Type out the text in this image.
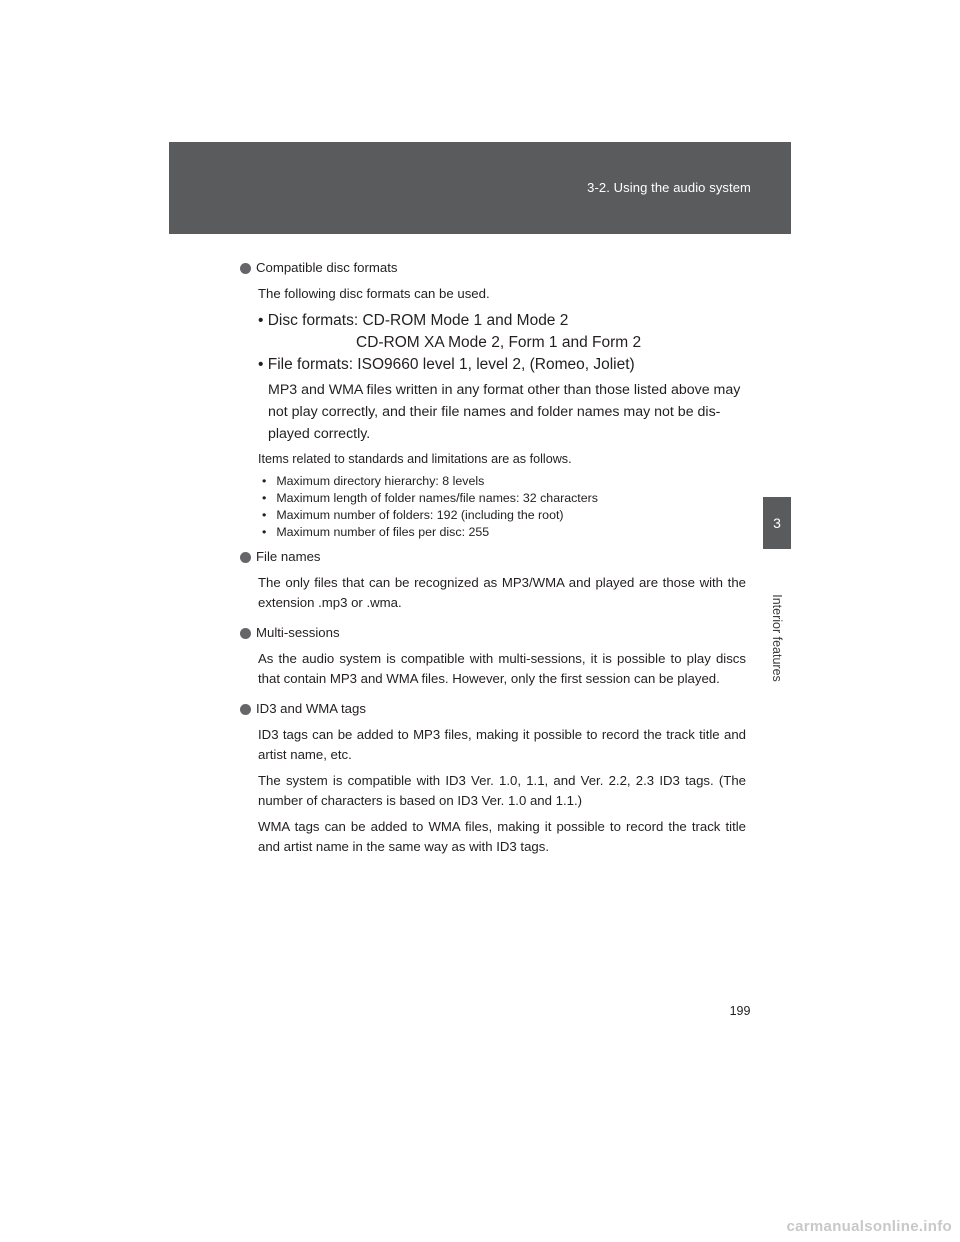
3-2. Using the audio system
3
Interior features
Compatible disc formats
The following disc formats can be used.
• Disc formats: CD-ROM Mode 1 and Mode 2
CD-ROM XA Mode 2, Form 1 and Form 2
• File formats: ISO9660 level 1, level 2, (Romeo, Joliet)
MP3 and WMA files written in any format other than those listed above may not play correctly, and their file names and folder names may not be dis-played correctly.
Items related to standards and limitations are as follows.
• Maximum directory hierarchy: 8 levels
• Maximum length of folder names/file names: 32 characters
• Maximum number of folders: 192 (including the root)
• Maximum number of files per disc: 255
File names
The only files that can be recognized as MP3/WMA and played are those with the extension .mp3 or .wma.
Multi-sessions
As the audio system is compatible with multi-sessions, it is possible to play discs that contain MP3 and WMA files. However, only the first session can be played.
ID3 and WMA tags
ID3 tags can be added to MP3 files, making it possible to record the track title and artist name, etc.
The system is compatible with ID3 Ver. 1.0, 1.1, and Ver. 2.2, 2.3 ID3 tags. (The number of characters is based on ID3 Ver. 1.0 and 1.1.)
WMA tags can be added to WMA files, making it possible to record the track title and artist name in the same way as with ID3 tags.
199
carmanualsonline.info
